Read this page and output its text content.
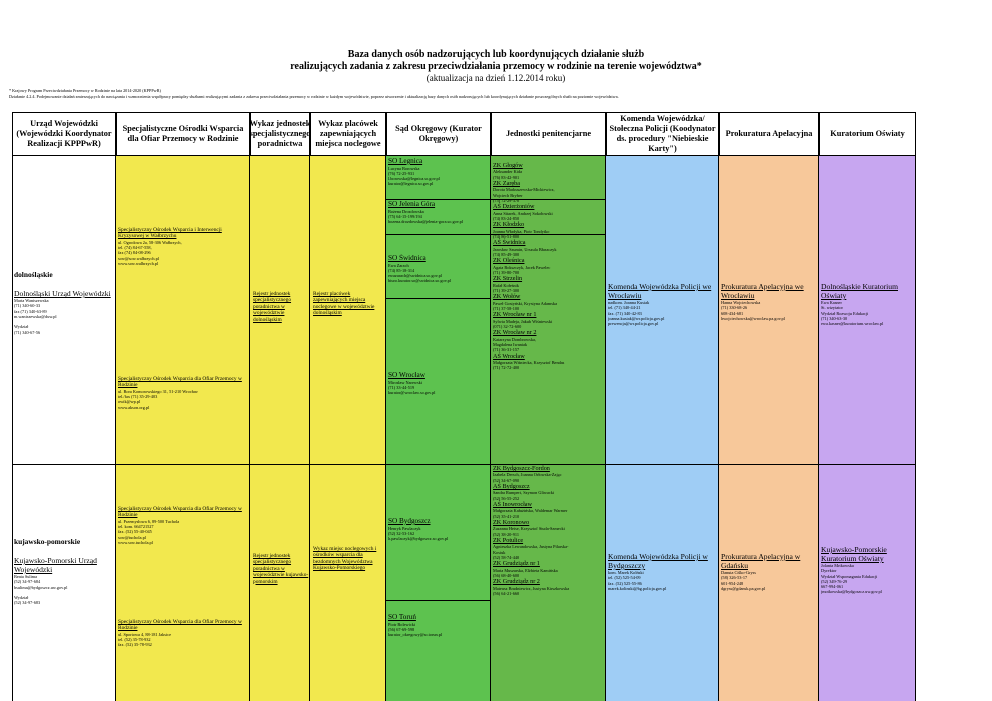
Baza danych osób nadzorujących lub koordynujących działanie służb
realizujących zadania z zakresu przeciwdziałania przemocy w rodzinie na terenie województwa*
(aktualizacja na dzień 1.12.2014 roku)
* Krajowy Program Przeciwdziałania Przemocy w Rodzinie na lata 2014-2020 (KPPPwR)
Działanie 4.2.4. Podejmowanie działań zmierzających do nawiązania i wzmocnienia współpracy pomiędzy służbami realizującymi zadania z zakresu przeciwdziałania przemocy w rodzinie w każdym województwie, poprzez utworzenie i aktualizację bazy danych osób nadzorujących lub koordynujących działanie poszczególnych służb na poziomie województwa.
Urząd Wojewódzki (Wojewódzki Koordynator Realizacji KPPPwR)
Specjalistyczne Ośrodki Wsparcia dla Ofiar Przemocy w Rodzinie
Wykaz jednostek specjalistycznego poradnictwa
Wykaz placówek zapewniających miejsca noclegowe
Sąd Okręgowy (Kurator Okręgowy)
Jednostki penitencjarne
Komenda Wojewódzka/ Stołeczna Policji (Koodynator ds. procedury "Niebieskie Karty")
Prokuratura Apelacyjna	Kuratorium Oświaty
dolnośląskie
Dolnośląski Urząd Wojewódzki
Marta Waniszewska
(71) 340-60-33
fax (71) 340-63-89
m.waniszewska@duw.pl

Wydział
(71) 340-67-56
Specjalistyczny Ośrodek Wsparcia i Interwencji Kryzysowej w Wałbrzychu
ul. Ogrodowa 2a, 58-306 Wałbrzych,
tel. (74) 84-67-558,
fax (74) 84-08-296
sow@sow.walbrzych.pl
www.sow.walbrzych.pl
Specjalistyczny Ośrodek Wsparcia dla Ofiar Przemocy w Rodzinie
ul. Bora Komorowskiego 31, 51-210 Wrocław
tel./fax (71) 35-29-403
owik@wp.pl
www.akson.org.pl
Rejestr jednostek specjalistycznego poradnictwa w województwie dolnośląskim
Rejestr placówek zapewniających miejsca noclegowe w województwie dolnośląskim
SO Legnica
Lucyna Borowska
(76) 72-25-931
l.borowska@legnica.so.gov.pl
kurator@legnica.so.gov.pl
SO Jelenia Góra
Bożena Drozdowska
(75) 64-15-199/194
bozena.drozdowska@jelenia-gora.so.gov.pl
SO Świdnica
Ewa Zarach
(74) 85-18-314
ewazarach@swidnica.so.gov.pl
biuro.kurator.so@swidnica.so.gov.pl
SO Wrocław
Mirosław Narewski
(71) 33-44-519
kurator@wroclaw.so.gov.pl
ZK Głogów
Aleksander Kida
(76) 83-42-901
ZK Zaręba
Dorota Markuszewska-Mickiewicz,
Wojciech Bryłrer
(75) 72-29-370
AŚ Dzierżoniów
Anna Sitarek, Andrzej Sokołowski
(74) 83-24-850
ZK Kłodzko
Joanna Władyka, Piotr Tondytko
(74) 86-51-800
AŚ Świdnica
Jarosław Szumin, Urszula Błaszczyk
(74) 85-49-300
ZK Oleśnica
Agata Bokszczyk, Jacek Pawelec
(71) 39-80-700
ZK Strzelin
Rafał Kołeśnik
(71) 39-27-300
ZK Wołów
Paweł Gostyński, Krystyna Adamska
(71) 37-58-100
ZK Wrocław nr 1
Sylwia Madeja, Jakub Wiśniewski
(071) 32-72-600
ZK Wrocław nr 2
Katarzyna Dombrowska,
Magdalena Iwaniak
(71) 36-31-157
AŚ Wrocław
Małgorzata Wiśniecka, Krzysztof Bendas
(71) 72-72-400
Komenda Wojewódzka Policji we Wrocławiu
nadkom. Joanna Kusiak
tel. (71) 340-44-21
fax. (71) 340-42-83
joanna.kusiak@wr.policja.gov.pl
prewencja@wr.policja.gov.pl
Prokuratura Apelacyjna we Wrocławiu
Hanna Wojciechowska
(71) 330-68-26
608-434-681
hwojciechowska@wroclaw.pa.gov.pl
Dolnośląskie Kuratorium Oświaty
Ewa Kasner
St. wizytator
Wydział Rozwoju Edukacji
(71) 340-63-30
ewa.kasner@kuratorium.wroclaw.pl
kujawsko-pomorskie
Kujawsko-Pomorski Urząd Wojewódzki
Beata Sulima
(52) 34-97-684
bsulima@bydgoszcz.uw.gov.pl

Wydział
(52) 34-97-683
Specjalistyczny Ośrodek Wsparcia dla Ofiar Przemocy w Rodzinie
ul. Przemysłowa 6, 89-500 Tuchola
tel. kom. 664721527
fax. (52) 55-40-045
sow@tuchola.pl
www.sow.tuchola.pl
Specjalistyczny Ośrodek Wsparcia dla Ofiar Przemocy w Rodzinie
ul. Sportowa 4, 88-181 Jaksice
tel. (52) 35-78-932
fax. (52) 35-78-932
Rejestr jednostek specjalistycznego poradnictwa w województwie kujawsko-pomorskim
Wykaz miejsc noclegowych i ośrodków wsparcia dla bezdomnych Województwa Kujawsko-Pomorskiego
SO Bydgoszcz
Henryk Pawlaczyk
(52) 32-53-162
h.pawlaczyk@bydgoszcz.so.gov.pl
SO Toruń
Piotr Bolewicki
(56) 67-69-598
kurator_okregowy@so.torun.pl
ZK Bydgoszcz-Fordon
Izabela Dersch, Joanna Orłowska-Zając
(52) 34-67-090
AŚ Bydgoszcz
Sandra Rumpert, Szymon Gliwacki
(52) 56-55-252
AŚ Inowrocław
Małgorzata Kałużińska, Waldemar Warmer
(52) 35-41-210
ZK Koronowo
Zuzanna Heise, Krzysztof Studa-Szmecki
(52) 38-20-911
ZK Potulice
Agnieszka Lewandowska, Justyna Pilarska-
Kosiuk
(52) 58-74-440
ZK Grudziądz nr 1
Maria Muszarska, Elżbieta Kamińska
(56) 68-40-600
ZK Grudziądz nr 2
Mateusz Brudniewicz, Justyna Kirszkowska
(56) 64-21-660
Komenda Wojewódzka Policji w Bydgoszczy
kom. Marek Kolński
tel. (52) 525-54-09
fax. (52) 525-55-86
marek.kolinski@bg.policja.gov.pl
Prokuratura Apelacyjna w Gdańsku
Danuta Ciško-Gryss
(58) 326-53-17
601-954-248
dgryss@gdansk.pa.gov.pl
Kujawsko-Pomorskie Kuratorium Oświaty
Jolanta Mrtkowska
Dyrektor
Wydział Wspomagania Edukacji
(52) 349-76-29
667-994-061
jmotkowska@bydgoszcz.uw.gov.pl
